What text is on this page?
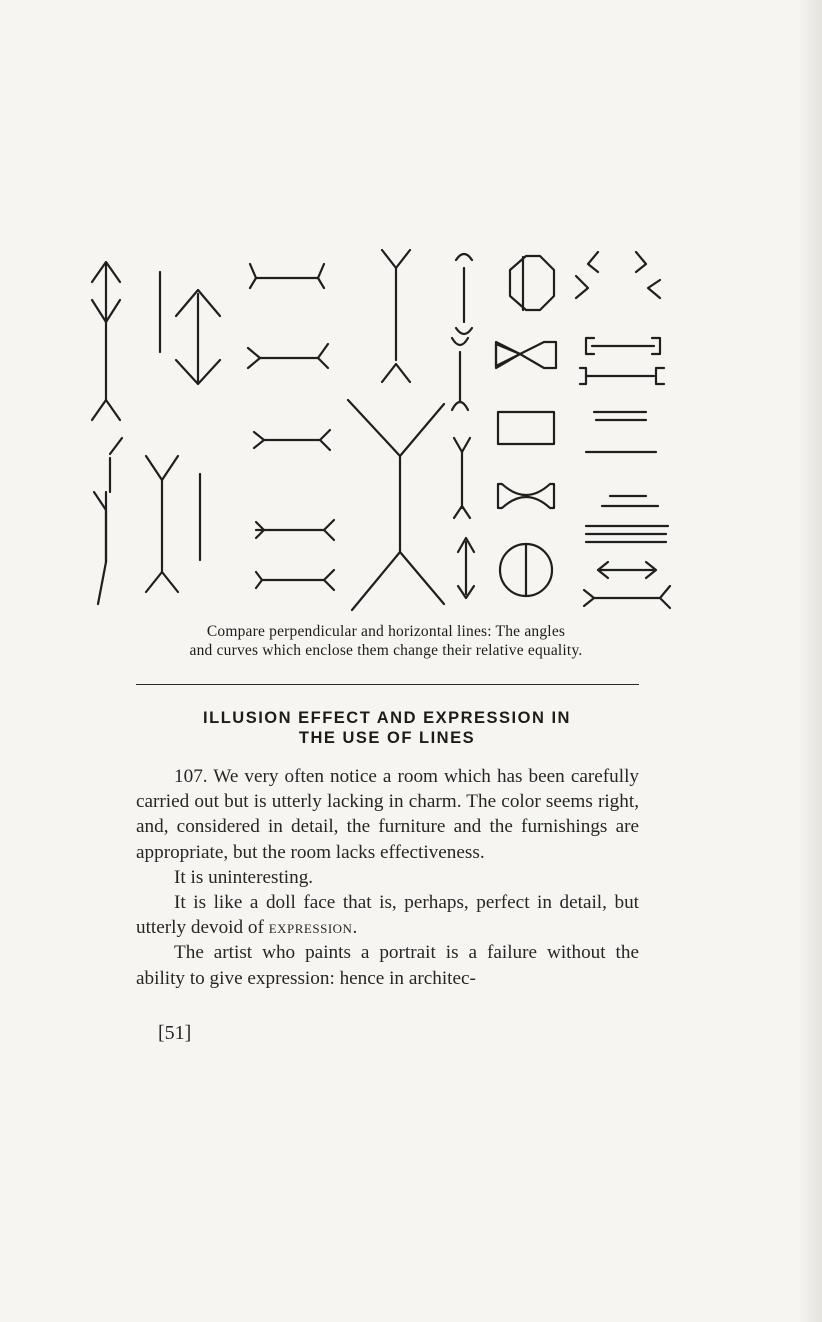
Compare perpendicular and horizontal lines: The angles
and curves which enclose them change their relative equality.
ILLUSION EFFECT AND EXPRESSION IN
THE USE OF LINES

107. We very often notice a room which has been carefully carried out but is utterly lacking in charm. The color seems right, and, considered in detail, the furniture and the furnishings are appropriate, but the room lacks effectiveness.

It is uninteresting.

It is like a doll face that is, perhaps, perfect in detail, but utterly devoid of expression.

The artist who paints a portrait is a failure without the ability to give expression: hence in architec-

[51]
